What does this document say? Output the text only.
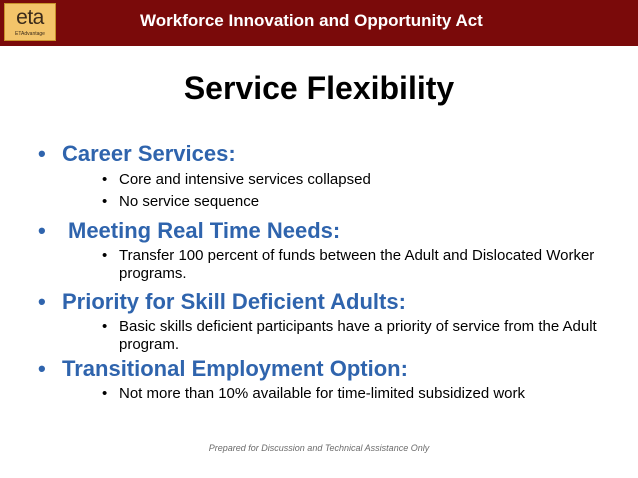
eta
ETAdvantage
Workforce Innovation and Opportunity Act
Service Flexibility
• Career Services:
• Core and intensive services collapsed
• No service sequence
• Meeting Real Time Needs:
• Transfer 100 percent of funds between the Adult and Dislocated Worker programs.
• Priority for Skill Deficient Adults:
• Basic skills deficient participants have a priority of service from the Adult program.
• Transitional Employment Option:
• Not more than 10% available for time-limited subsidized work
Prepared for Discussion and Technical Assistance Only
